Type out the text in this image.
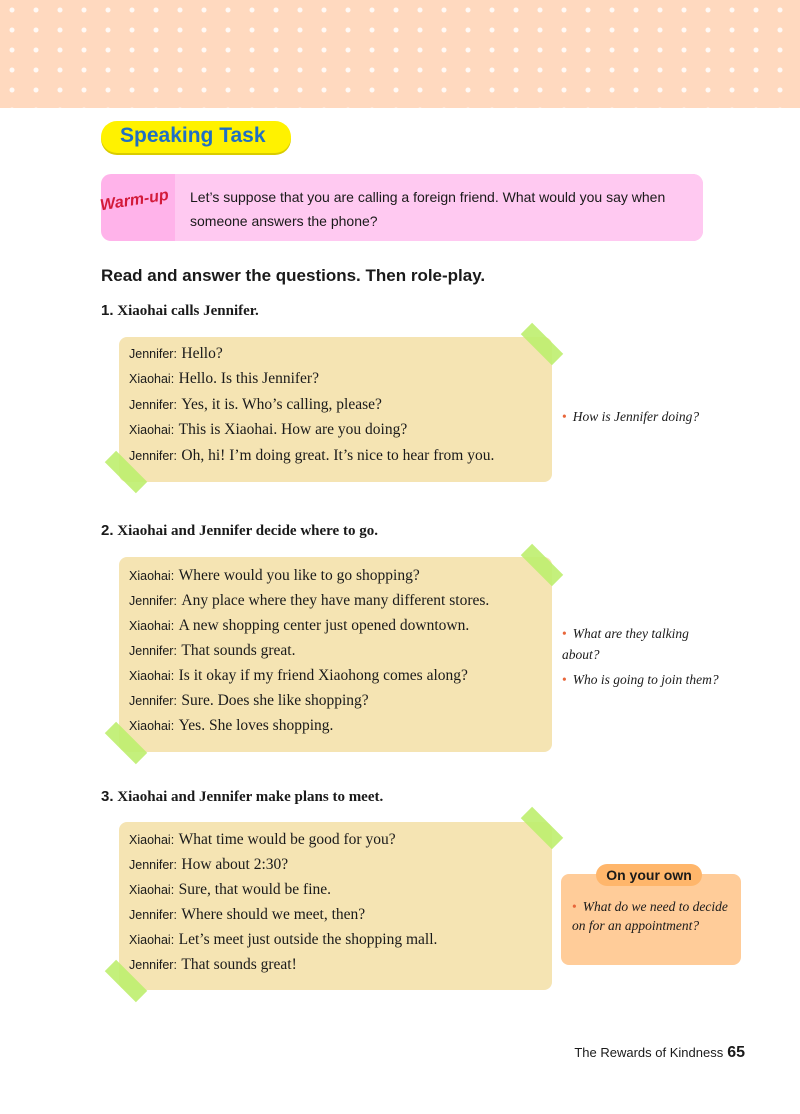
Speaking Task
Warm-up Let’s suppose that you are calling a foreign friend. What would you say when someone answers the phone?
Read and answer the questions. Then role-play.
1. Xiaohai calls Jennifer.
Jennifer: Hello?
Xiaohai: Hello. Is this Jennifer?
Jennifer: Yes, it is. Who’s calling, please?
Xiaohai: This is Xiaohai. How are you doing?
Jennifer: Oh, hi! I’m doing great. It’s nice to hear from you.
• How is Jennifer doing?
2. Xiaohai and Jennifer decide where to go.
Xiaohai: Where would you like to go shopping?
Jennifer: Any place where they have many different stores.
Xiaohai: A new shopping center just opened downtown.
Jennifer: That sounds great.
Xiaohai: Is it okay if my friend Xiaohong comes along?
Jennifer: Sure. Does she like shopping?
Xiaohai: Yes. She loves shopping.
• What are they talking about?
• Who is going to join them?
3. Xiaohai and Jennifer make plans to meet.
Xiaohai: What time would be good for you?
Jennifer: How about 2:30?
Xiaohai: Sure, that would be fine.
Jennifer: Where should we meet, then?
Xiaohai: Let’s meet just outside the shopping mall.
Jennifer: That sounds great!
On your own
• What do we need to decide on for an appointment?
The Rewards of Kindness 65
